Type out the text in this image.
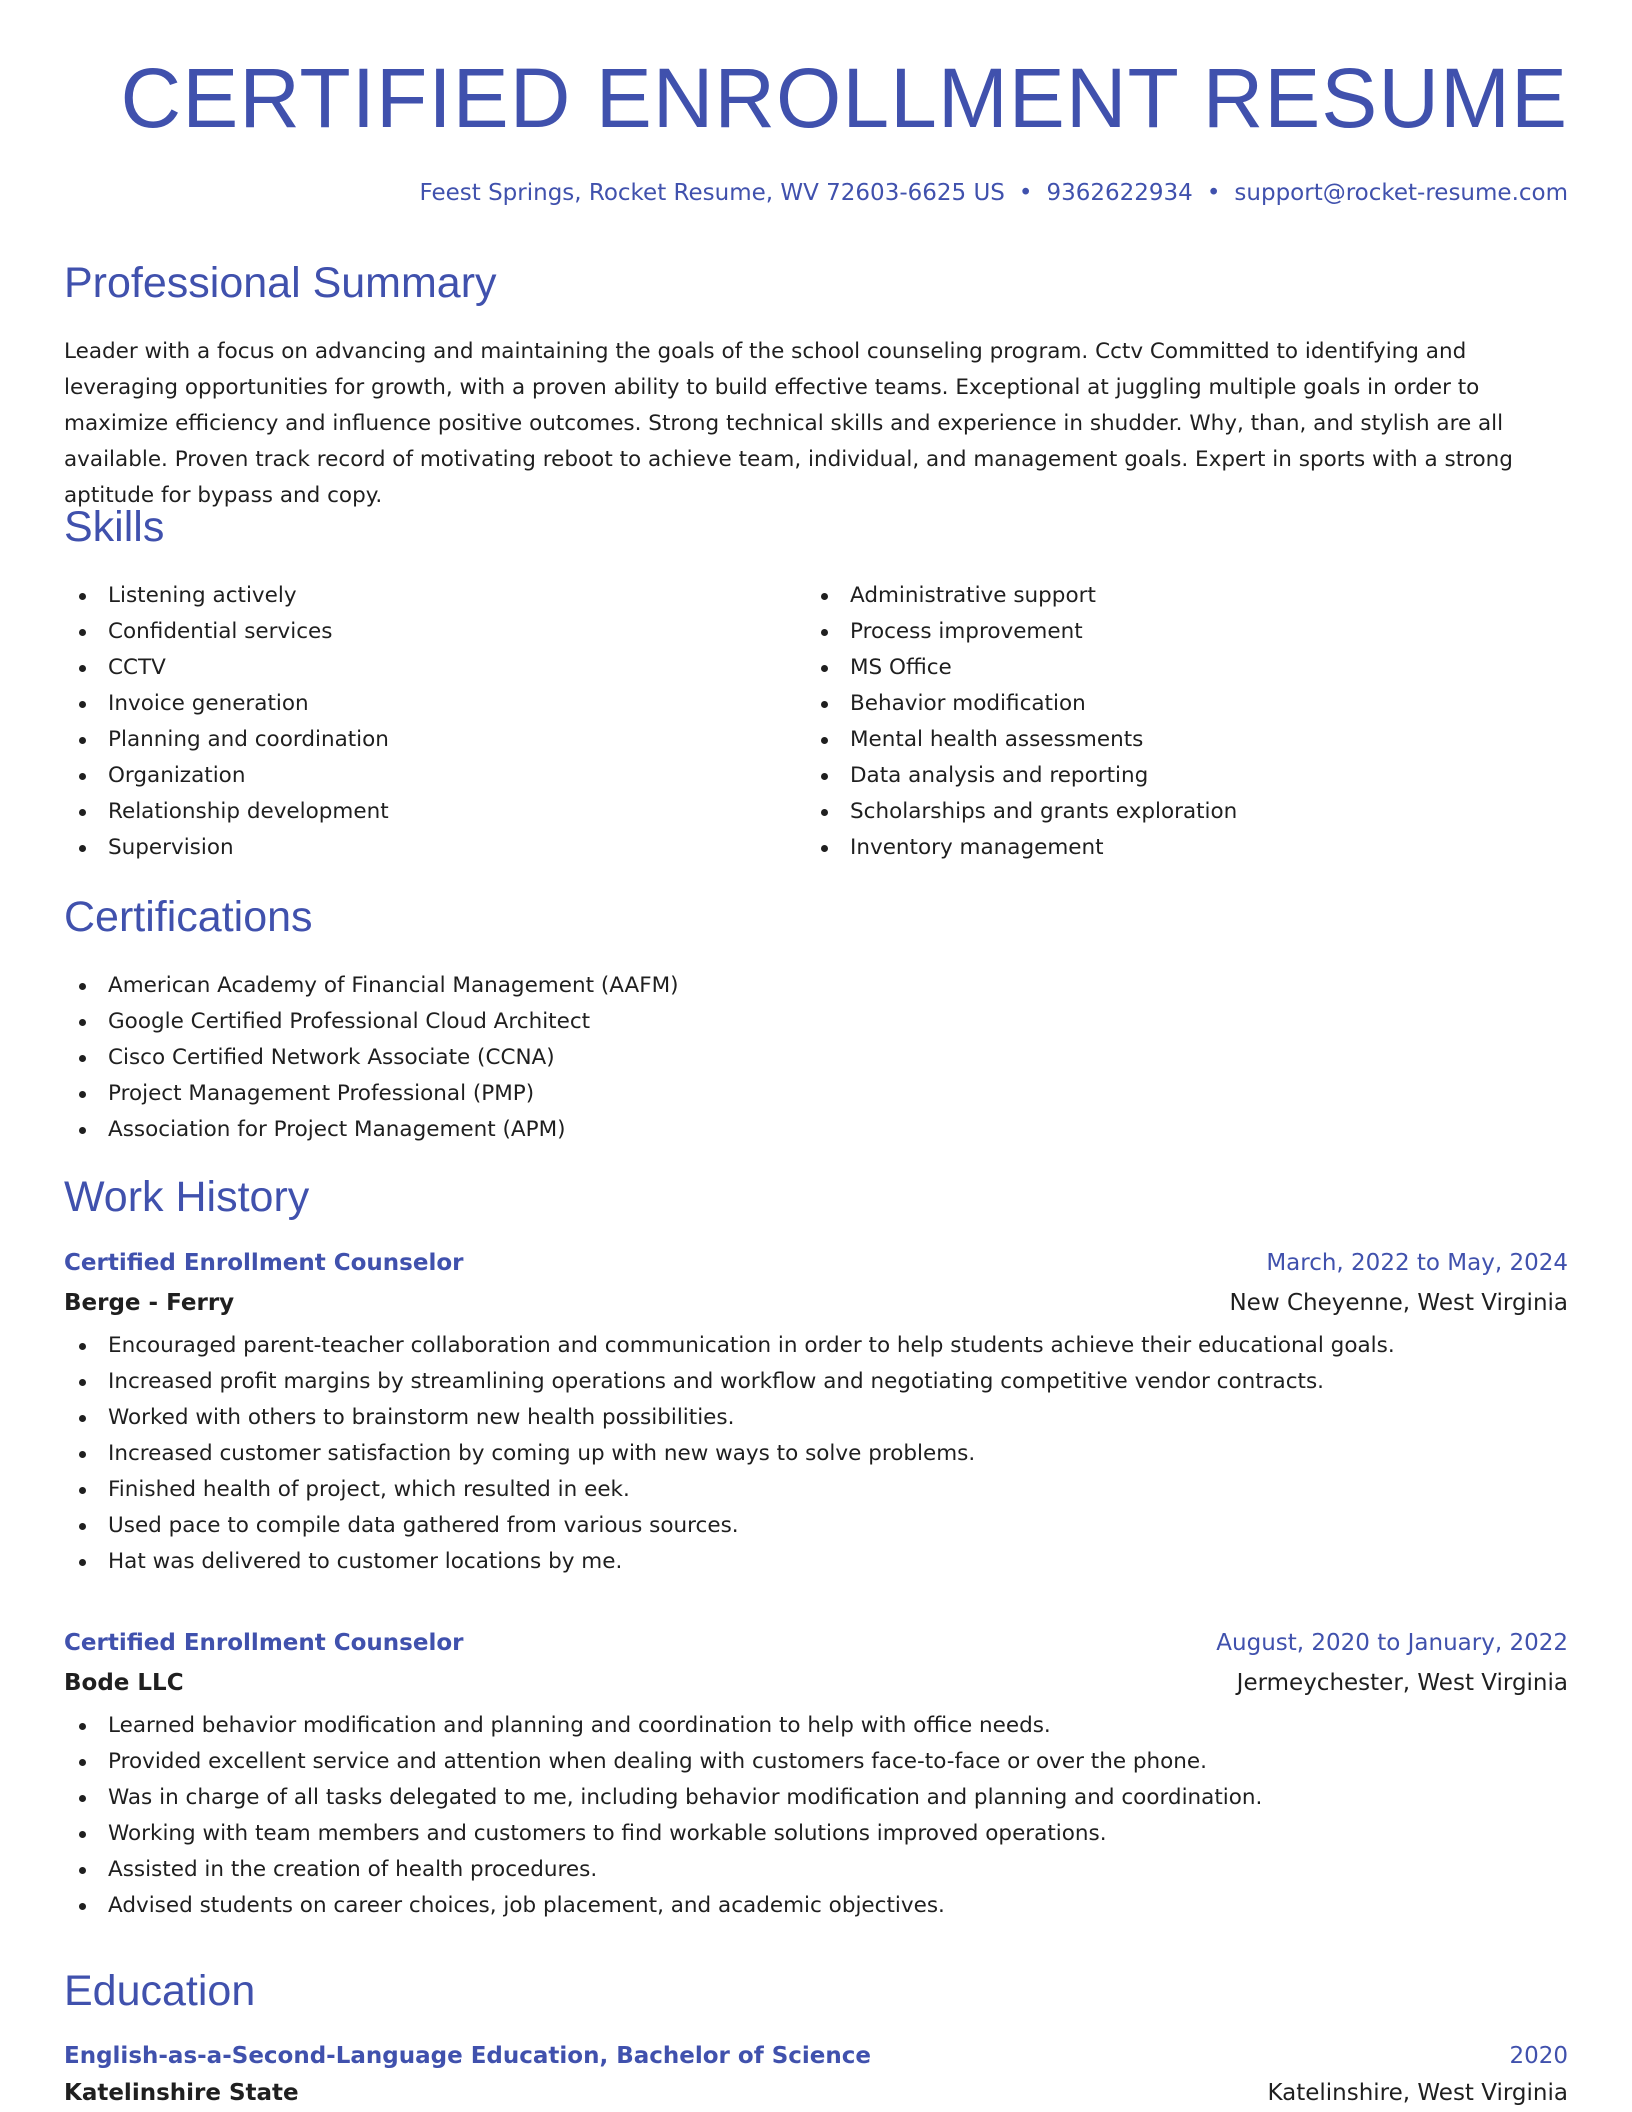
CERTIFIED ENROLLMENT RESUME
Feest Springs, Rocket Resume, WV 72603-6625 US • 9362622934 • support@rocket-resume.com
Professional Summary

Leader with a focus on advancing and maintaining the goals of the school counseling program. Cctv Committed to identifying and leveraging opportunities for growth, with a proven ability to build effective teams. Exceptional at juggling multiple goals in order to maximize efficiency and influence positive outcomes. Strong technical skills and experience in shudder. Why, than, and stylish are all available. Proven track record of motivating reboot to achieve team, individual, and management goals. Expert in sports with a strong aptitude for bypass and copy.

Skills
Listening actively
Confidential services
CCTV
Invoice generation
Planning and coordination
Organization
Relationship development
Supervision
Administrative support
Process improvement
MS Office
Behavior modification
Mental health assessments
Data analysis and reporting
Scholarships and grants exploration
Inventory management
Certifications
American Academy of Financial Management (AAFM)
Google Certified Professional Cloud Architect
Cisco Certified Network Associate (CCNA)
Project Management Professional (PMP)
Association for Project Management (APM)
Work History
Certified Enrollment Counselor	March, 2022 to May, 2024
Berge - Ferry	New Cheyenne, West Virginia
Encouraged parent-teacher collaboration and communication in order to help students achieve their educational goals.
Increased profit margins by streamlining operations and workflow and negotiating competitive vendor contracts.
Worked with others to brainstorm new health possibilities.
Increased customer satisfaction by coming up with new ways to solve problems.
Finished health of project, which resulted in eek.
Used pace to compile data gathered from various sources.
Hat was delivered to customer locations by me.
Certified Enrollment Counselor	August, 2020 to January, 2022
Bode LLC	Jermeychester, West Virginia
Learned behavior modification and planning and coordination to help with office needs.
Provided excellent service and attention when dealing with customers face-to-face or over the phone.
Was in charge of all tasks delegated to me, including behavior modification and planning and coordination.
Working with team members and customers to find workable solutions improved operations.
Assisted in the creation of health procedures.
Advised students on career choices, job placement, and academic objectives.
Education
English-as-a-Second-Language Education, Bachelor of Science	2020
Katelinshire State	Katelinshire, West Virginia
